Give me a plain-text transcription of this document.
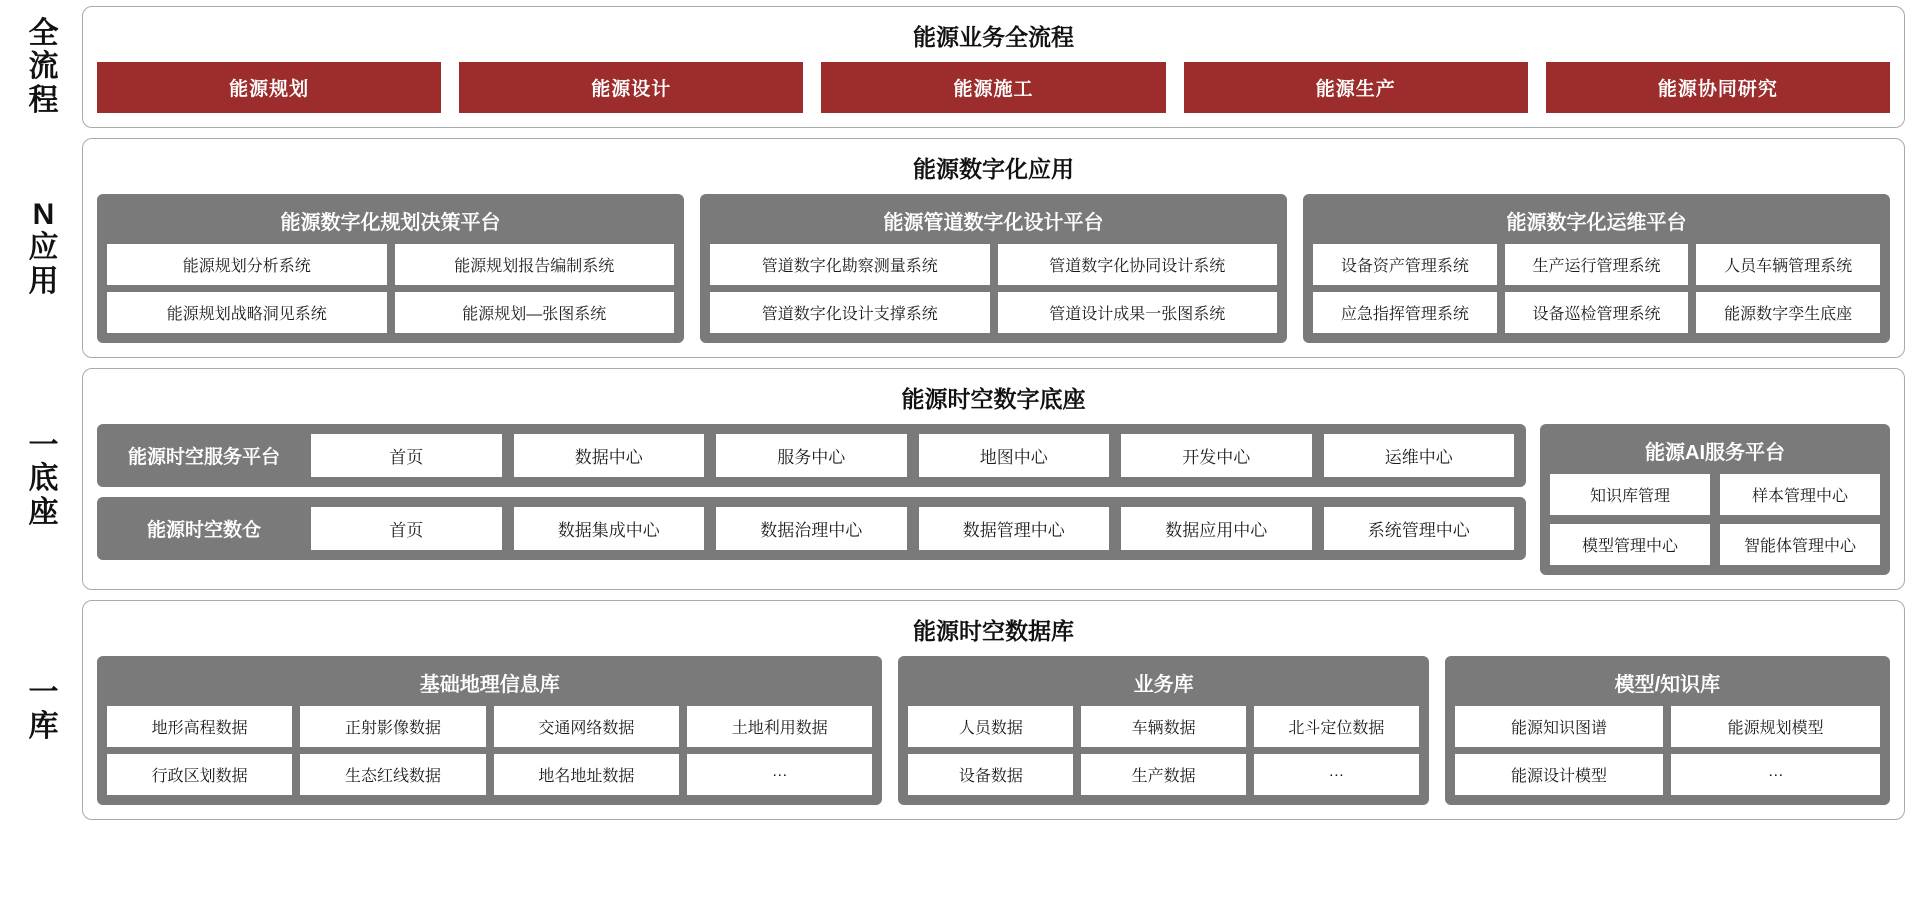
全流程
能源业务全流程
能源规划	能源设计	能源施工	能源生产	能源协同研究
N应用
能源数字化应用
能源数字化规划决策平台
能源规划分析系统	能源规划报告编制系统
能源规划战略洞见系统	能源规划—张图系统
能源管道数字化设计平台
管道数字化勘察测量系统	管道数字化协同设计系统
管道数字化设计支撑系统	管道设计成果一张图系统
能源数字化运维平台
设备资产管理系统	生产运行管理系统	人员车辆管理系统
应急指挥管理系统	设备巡检管理系统	能源数字孪生底座
一底座
能源时空数字底座
能源时空服务平台	首页	数据中心	服务中心	地图中心	开发中心	运维中心
能源时空数仓	首页	数据集成中心	数据治理中心	数据管理中心	数据应用中心	系统管理中心
能源AI服务平台
知识库管理	样本管理中心
模型管理中心	智能体管理中心
一库
能源时空数据库
基础地理信息库
地形高程数据	正射影像数据	交通网络数据	土地利用数据
行政区划数据	生态红线数据	地名地址数据	…
业务库
人员数据	车辆数据	北斗定位数据
设备数据	生产数据	…
模型/知识库
能源知识图谱	能源规划模型
能源设计模型	…
